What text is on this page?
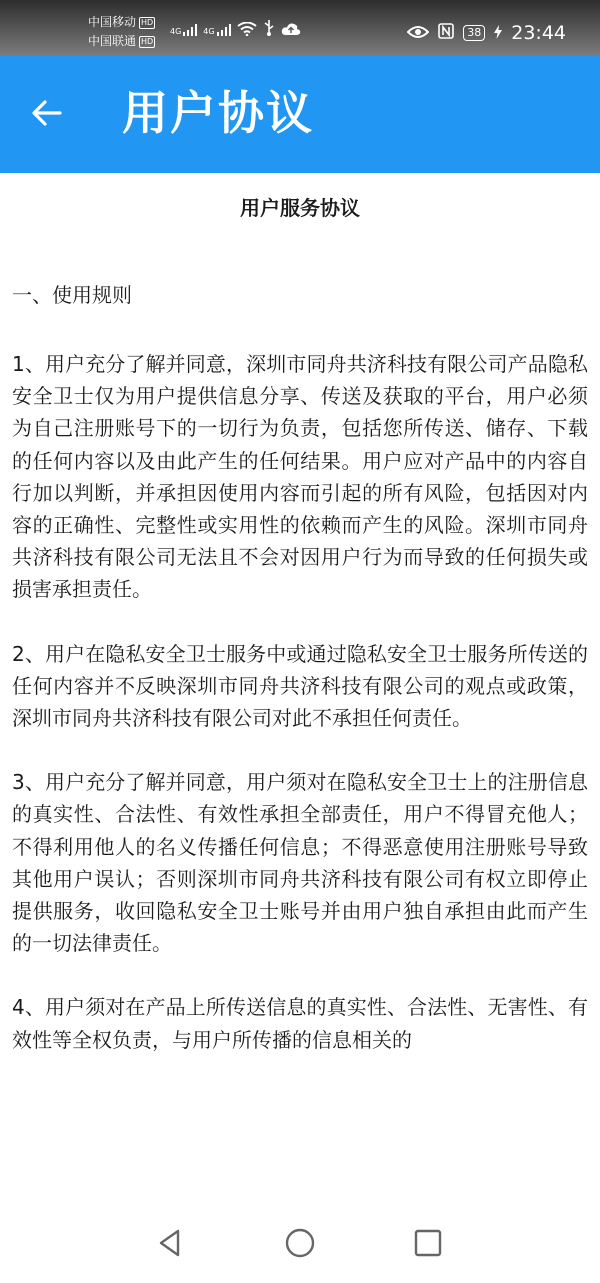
中国移动 HD
中国联通 HD
4G	4G	38 23:44
用户协议
用户服务协议
一、使用规则

1、用户充分了解并同意，深圳市同舟共济科技有限公司产品隐私安全卫士仅为用户提供信息分享、传送及获取的平台，用户必须为自己注册账号下的一切行为负责，包括您所传送、储存、下载的任何内容以及由此产生的任何结果。用户应对产品中的内容自行加以判断，并承担因使用内容而引起的所有风险，包括因对内容的正确性、完整性或实用性的依赖而产生的风险。深圳市同舟共济科技有限公司无法且不会对因用户行为而导致的任何损失或损害承担责任。

2、用户在隐私安全卫士服务中或通过隐私安全卫士服务所传送的任何内容并不反映深圳市同舟共济科技有限公司的观点或政策，深圳市同舟共济科技有限公司对此不承担任何责任。

3、用户充分了解并同意，用户须对在隐私安全卫士上的注册信息的真实性、合法性、有效性承担全部责任，用户不得冒充他人；不得利用他人的名义传播任何信息；不得恶意使用注册账号导致其他用户误认；否则深圳市同舟共济科技有限公司有权立即停止提供服务，收回隐私安全卫士账号并由用户独自承担由此而产生的一切法律责任。

4、用户须对在产品上所传送信息的真实性、合法性、无害性、有效性等全权负责，与用户所传播的信息相关的
